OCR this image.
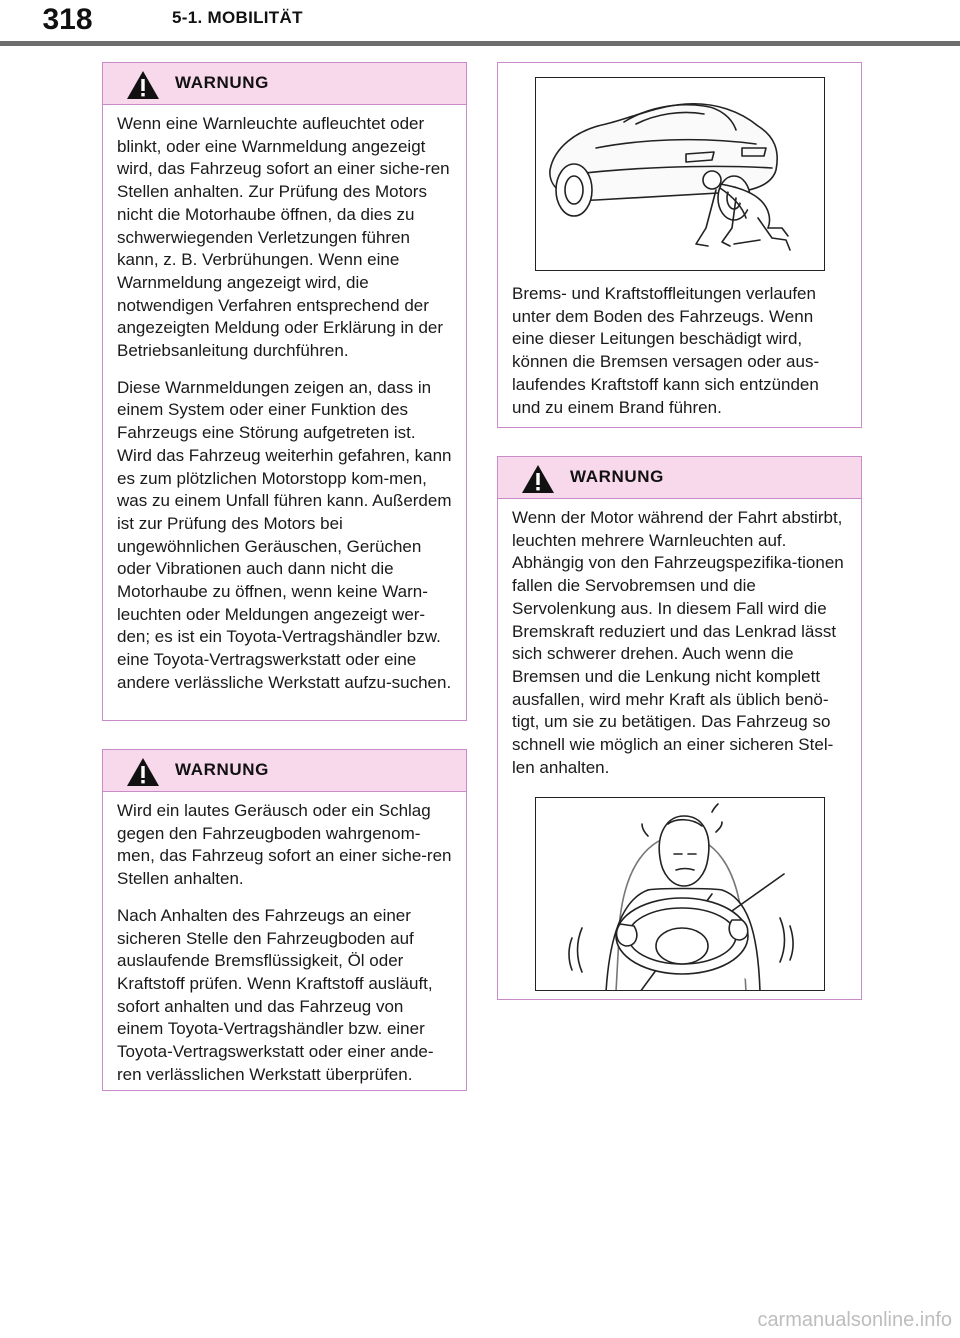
318	5-1. MOBILITÄT
WARNUNG

Wenn eine Warnleuchte aufleuchtet oder blinkt, oder eine Warnmeldung angezeigt wird, das Fahrzeug sofort an einer siche-ren Stellen anhalten. Zur Prüfung des Motors nicht die Motorhaube öffnen, da dies zu schwerwiegenden Verletzungen führen kann, z. B. Verbrühungen. Wenn eine Warnmeldung angezeigt wird, die notwendigen Verfahren entsprechend der angezeigten Meldung oder Erklärung in der Betriebsanleitung durchführen.

Diese Warnmeldungen zeigen an, dass in einem System oder einer Funktion des Fahrzeugs eine Störung aufgetreten ist. Wird das Fahrzeug weiterhin gefahren, kann es zum plötzlichen Motorstopp kom-men, was zu einem Unfall führen kann. Außerdem ist zur Prüfung des Motors bei ungewöhnlichen Geräuschen, Gerüchen oder Vibrationen auch dann nicht die Motorhaube zu öffnen, wenn keine Warn-leuchten oder Meldungen angezeigt wer-den; es ist ein Toyota-Vertragshändler bzw. eine Toyota-Vertragswerkstatt oder eine andere verlässliche Werkstatt aufzu-suchen.

WARNUNG

Wird ein lautes Geräusch oder ein Schlag gegen den Fahrzeugboden wahrgenom-men, das Fahrzeug sofort an einer siche-ren Stellen anhalten.

Nach Anhalten des Fahrzeugs an einer sicheren Stelle den Fahrzeugboden auf auslaufende Bremsflüssigkeit, Öl oder Kraftstoff prüfen. Wenn Kraftstoff ausläuft, sofort anhalten und das Fahrzeug von einem Toyota-Vertragshändler bzw. einer Toyota-Vertragswerkstatt oder einer ande-ren verlässlichen Werkstatt überprüfen.

Brems- und Kraftstoffleitungen verlaufen unter dem Boden des Fahrzeugs. Wenn eine dieser Leitungen beschädigt wird, können die Bremsen versagen oder aus-laufendes Kraftstoff kann sich entzünden und zu einem Brand führen.

WARNUNG

Wenn der Motor während der Fahrt abstirbt, leuchten mehrere Warnleuchten auf. Abhängig von den Fahrzeugspezifika-tionen fallen die Servobremsen und die Servolenkung aus. In diesem Fall wird die Bremskraft reduziert und das Lenkrad lässt sich schwerer drehen. Auch wenn die Bremsen und die Lenkung nicht komplett ausfallen, wird mehr Kraft als üblich benö-tigt, um sie zu betätigen. Das Fahrzeug so schnell wie möglich an einer sicheren Stel-len anhalten.

carmanualsonline.info
